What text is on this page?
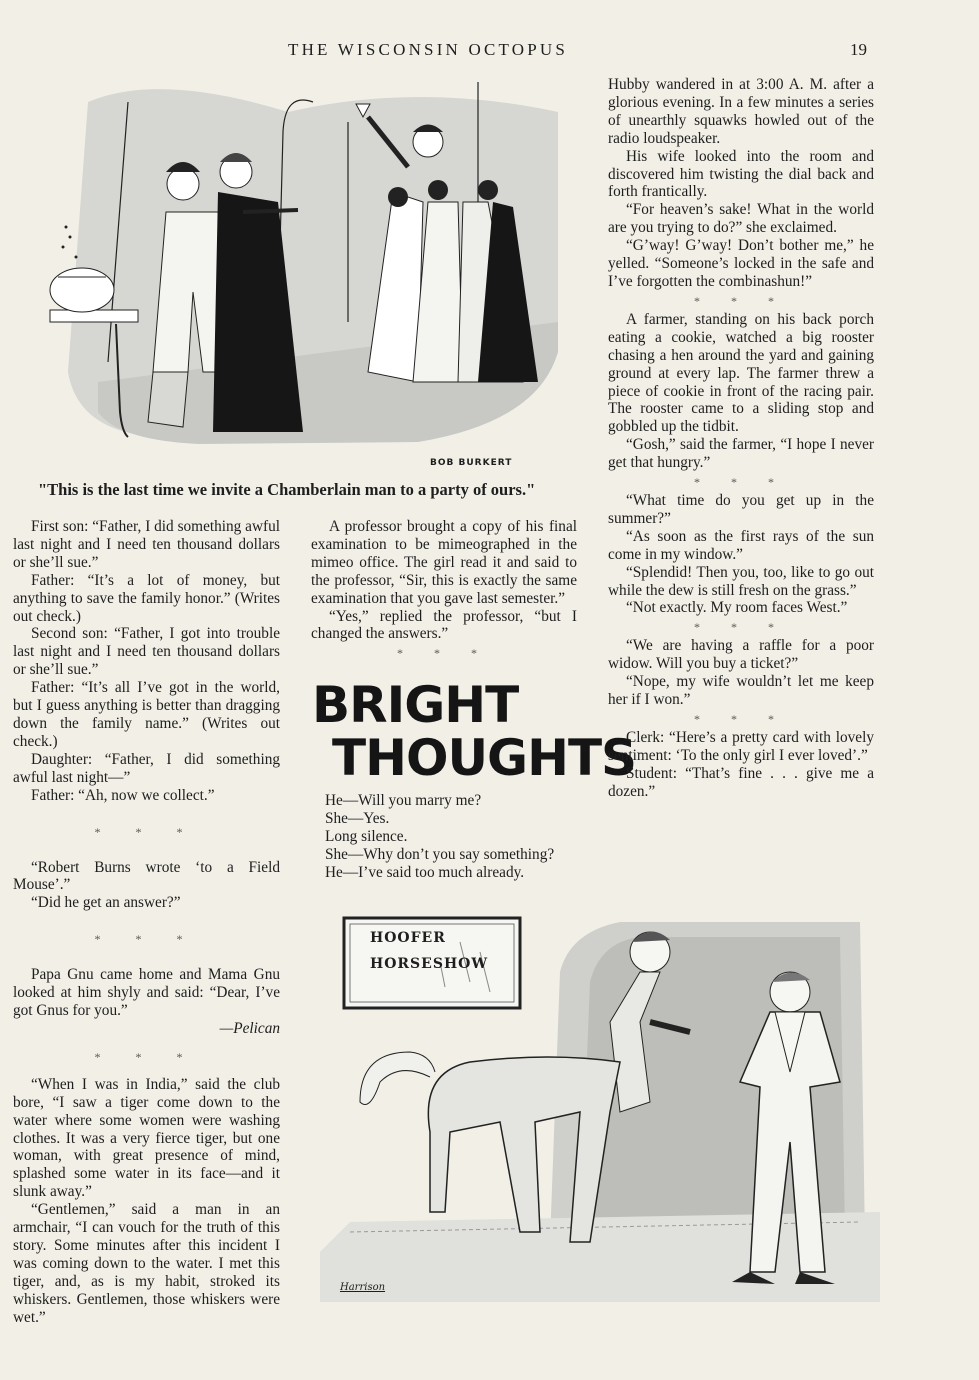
THE WISCONSIN OCTOPUS	19
BOB BURKERT
"This is the last time we invite a Chamberlain man to a party of ours."

First son: “Father, I did something awful last night and I need ten thousand dollars or she’ll sue.”

Father: “It’s a lot of money, but anything to save the family honor.” (Writes out check.)

Second son: “Father, I got into trouble last night and I need ten thousand dollars or she’ll sue.”

Father: “It’s all I’ve got in the world, but I guess anything is better than dragging down the family name.” (Writes out check.)

Daughter: “Father, I did something awful last night—”

Father: “Ah, now we collect.”

* * *

“Robert Burns wrote ‘to a Field Mouse’.”

“Did he get an answer?”

* * *

Papa Gnu came home and Mama Gnu looked at him shyly and said: “Dear, I’ve got Gnus for you.”

—Pelican

* * *

“When I was in India,” said the club bore, “I saw a tiger come down to the water where some women were washing clothes. It was a very fierce tiger, but one woman, with great presence of mind, splashed some water in its face—and it slunk away.”

“Gentlemen,” said a man in an armchair, “I can vouch for the truth of this story. Some minutes after this incident I was coming down to the water. I met this tiger, and, as is my habit, stroked its whiskers. Gentlemen, those whiskers were wet.”

A professor brought a copy of his final examination to be mimeographed in the mimeo office. The girl read it and said to the professor, “Sir, this is exactly the same examination that you gave last semester.”

“Yes,” replied the professor, “but I changed the answers.”

* * *

BRIGHT
THOUGHTS
He—Will you marry me?
She—Yes.
Long silence.
She—Why don’t you say something?
He—I’ve said too much already.

Hubby wandered in at 3:00 A. M. after a glorious evening. In a few minutes a series of unearthly squawks howled out of the radio loudspeaker.

His wife looked into the room and discovered him twisting the dial back and forth frantically.

“For heaven’s sake! What in the world are you trying to do?” she exclaimed.

“G’way! G’way! Don’t bother me,” he yelled. “Someone’s locked in the safe and I’ve forgotten the combinashun!”

* * *

A farmer, standing on his back porch eating a cookie, watched a big rooster chasing a hen around the yard and gaining ground at every lap. The farmer threw a piece of cookie in front of the racing pair. The rooster came to a sliding stop and gobbled up the tidbit.

“Gosh,” said the farmer, “I hope I never get that hungry.”

* * *

“What time do you get up in the summer?”

“As soon as the first rays of the sun come in my window.”

“Splendid! Then you, too, like to go out while the dew is still fresh on the grass.”

“Not exactly. My room faces West.”

* * *

“We are having a raffle for a poor widow. Will you buy a ticket?”

“Nope, my wife wouldn’t let me keep her if I won.”

* * *

Clerk: “Here’s a pretty card with lovely sentiment: ‘To the only girl I ever loved’.”

Student: “That’s fine . . . give me a dozen.”

HOOFER
HORSESHOW
Harrison
